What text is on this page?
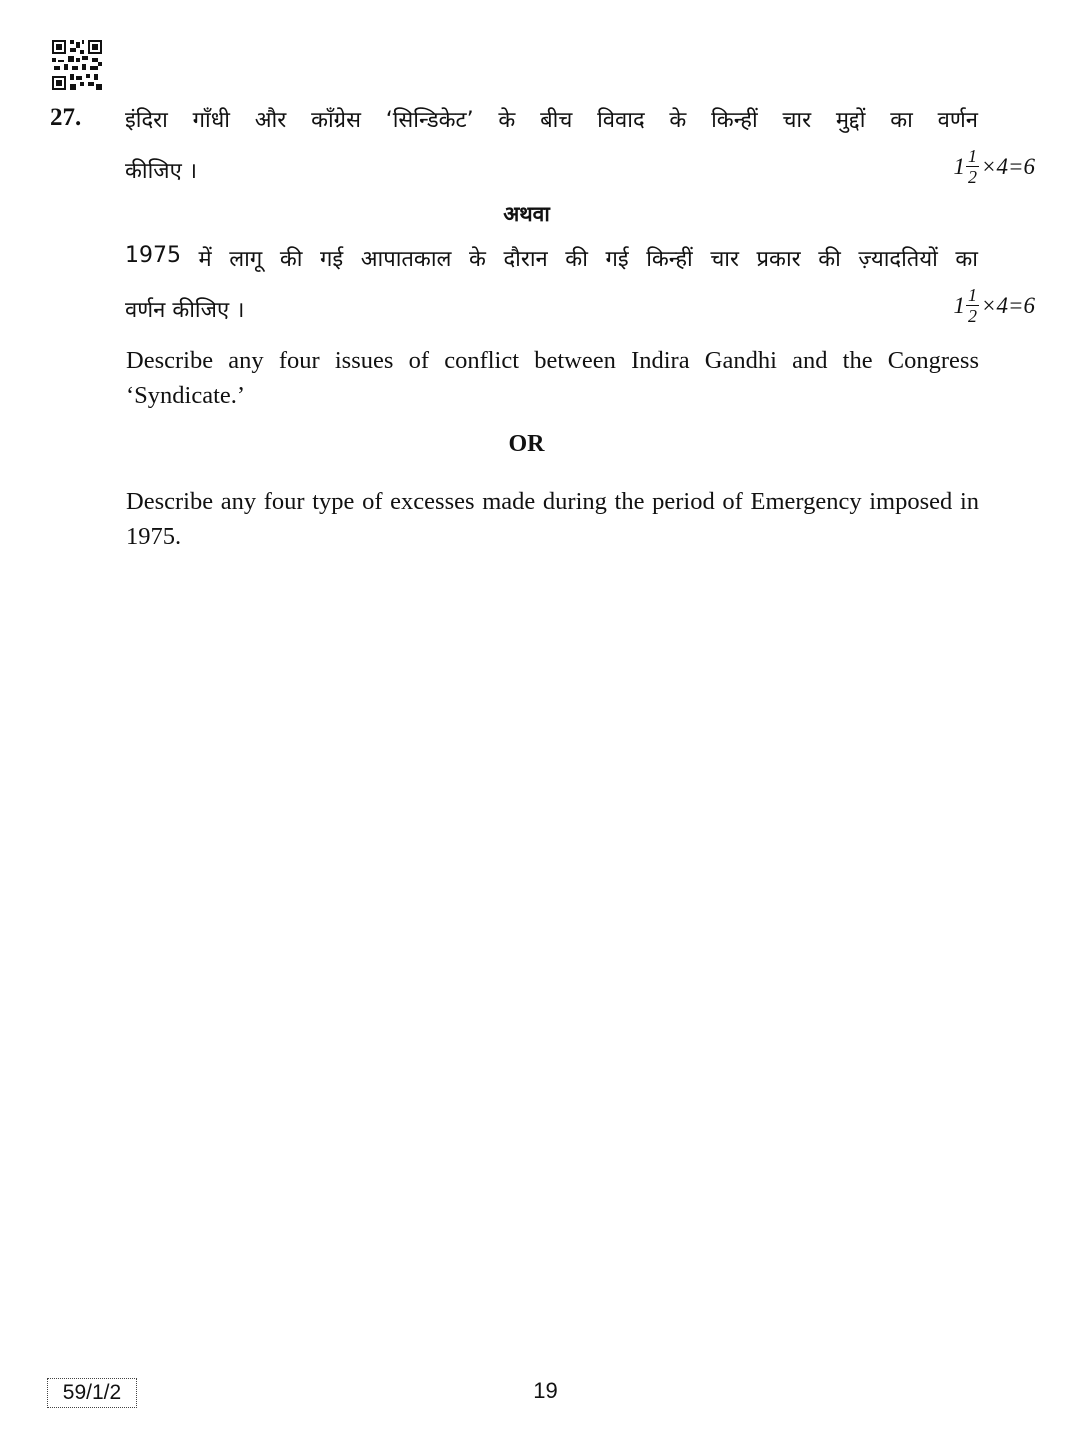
27. इंदिरा गाँधी और काँग्रेस ‘सिन्डिकेट’ के बीच विवाद के किन्हीं चार मुद्दों का वर्णन
कीजिए ।	$1 \frac{1}{2} \times 4=6$
अथवा
1975 में लागू की गई आपातकाल के दौरान की गई किन्हीं चार प्रकार की ज़्यादतियों का
वर्णन कीजिए ।	$1 \frac{1}{2} \times 4=6$

Describe any four issues of conflict between Indira Gandhi and the Congress ‘Syndicate.’

OR

Describe any four type of excesses made during the period of Emergency imposed in 1975.

59/1/2	19
